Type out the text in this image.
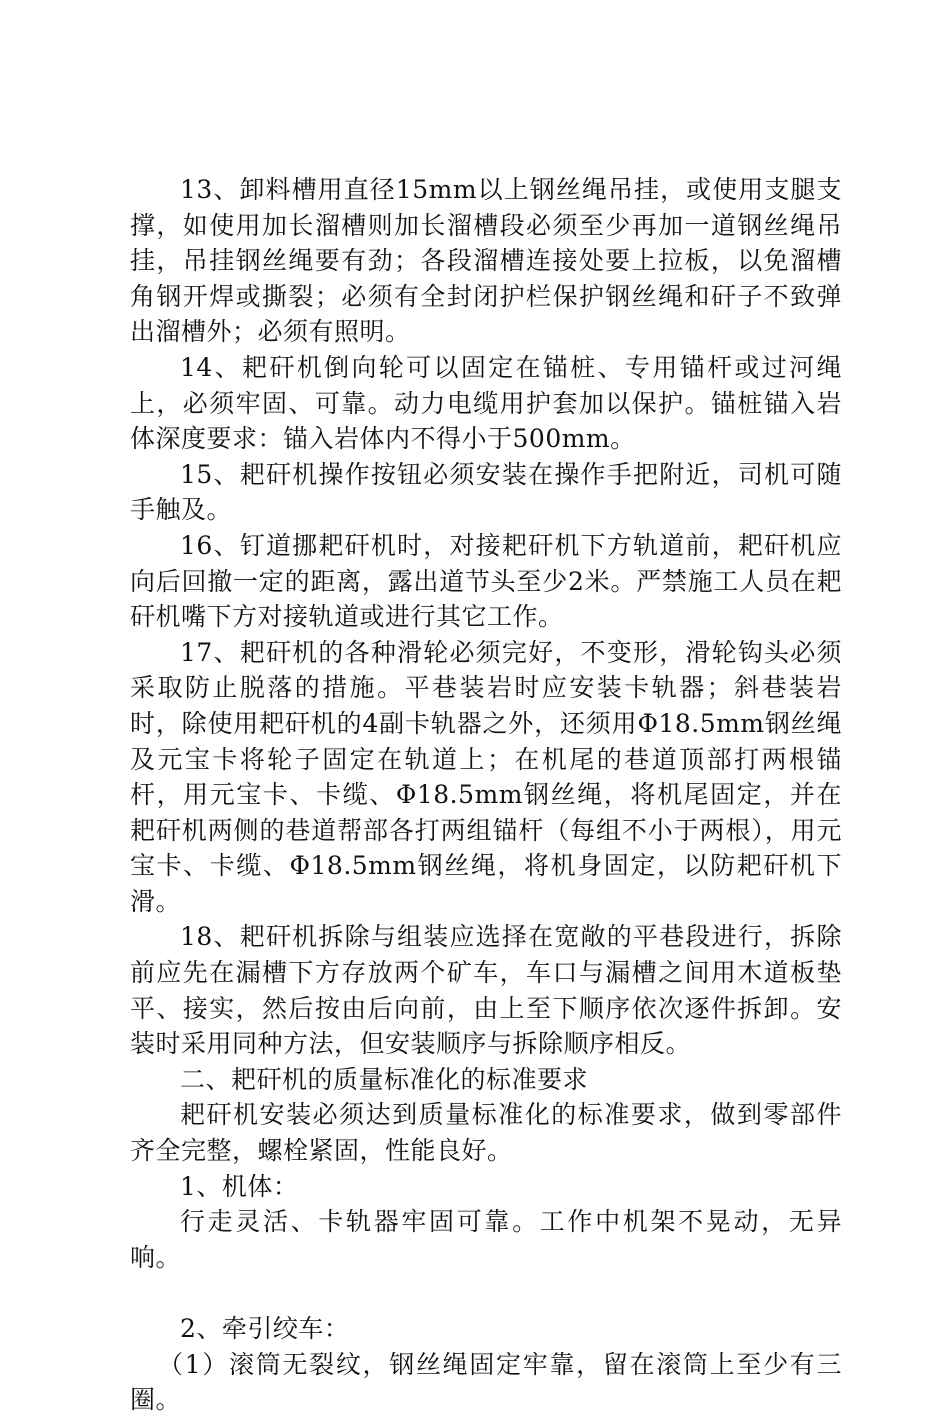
13、卸料槽用直径15mm以上钢丝绳吊挂，或使用支腿支撑，如使用加长溜槽则加长溜槽段必须至少再加一道钢丝绳吊挂，吊挂钢丝绳要有劲；各段溜槽连接处要上拉板，以免溜槽角钢开焊或撕裂；必须有全封闭护栏保护钢丝绳和矸子不致弹出溜槽外；必须有照明。

14、耙矸机倒向轮可以固定在锚桩、专用锚杆或过河绳上，必须牢固、可靠。动力电缆用护套加以保护。锚桩锚入岩体深度要求：锚入岩体内不得小于500mm。

15、耙矸机操作按钮必须安装在操作手把附近，司机可随手触及。

16、钉道挪耙矸机时，对接耙矸机下方轨道前，耙矸机应向后回撤一定的距离，露出道节头至少2米。严禁施工人员在耙矸机嘴下方对接轨道或进行其它工作。

17、耙矸机的各种滑轮必须完好，不变形，滑轮钩头必须采取防止脱落的措施。平巷装岩时应安装卡轨器；斜巷装岩时，除使用耙矸机的4副卡轨器之外，还须用Φ18.5mm钢丝绳及元宝卡将轮子固定在轨道上；在机尾的巷道顶部打两根锚杆，用元宝卡、卡缆、Φ18.5mm钢丝绳，将机尾固定，并在耙矸机两侧的巷道帮部各打两组锚杆（每组不小于两根），用元宝卡、卡缆、Φ18.5mm钢丝绳，将机身固定，以防耙矸机下滑。

18、耙矸机拆除与组装应选择在宽敞的平巷段进行，拆除前应先在漏槽下方存放两个矿车，车口与漏槽之间用木道板垫平、接实，然后按由后向前，由上至下顺序依次逐件拆卸。安装时采用同种方法，但安装顺序与拆除顺序相反。

二、耙矸机的质量标准化的标准要求

耙矸机安装必须达到质量标准化的标准要求，做到零部件齐全完整，螺栓紧固，性能良好。

1、机体：

行走灵活、卡轨器牢固可靠。工作中机架不晃动，无异响。

2、牵引绞车：

（1）滚筒无裂纹，钢丝绳固定牢靠，留在滚筒上至少有三圈。
